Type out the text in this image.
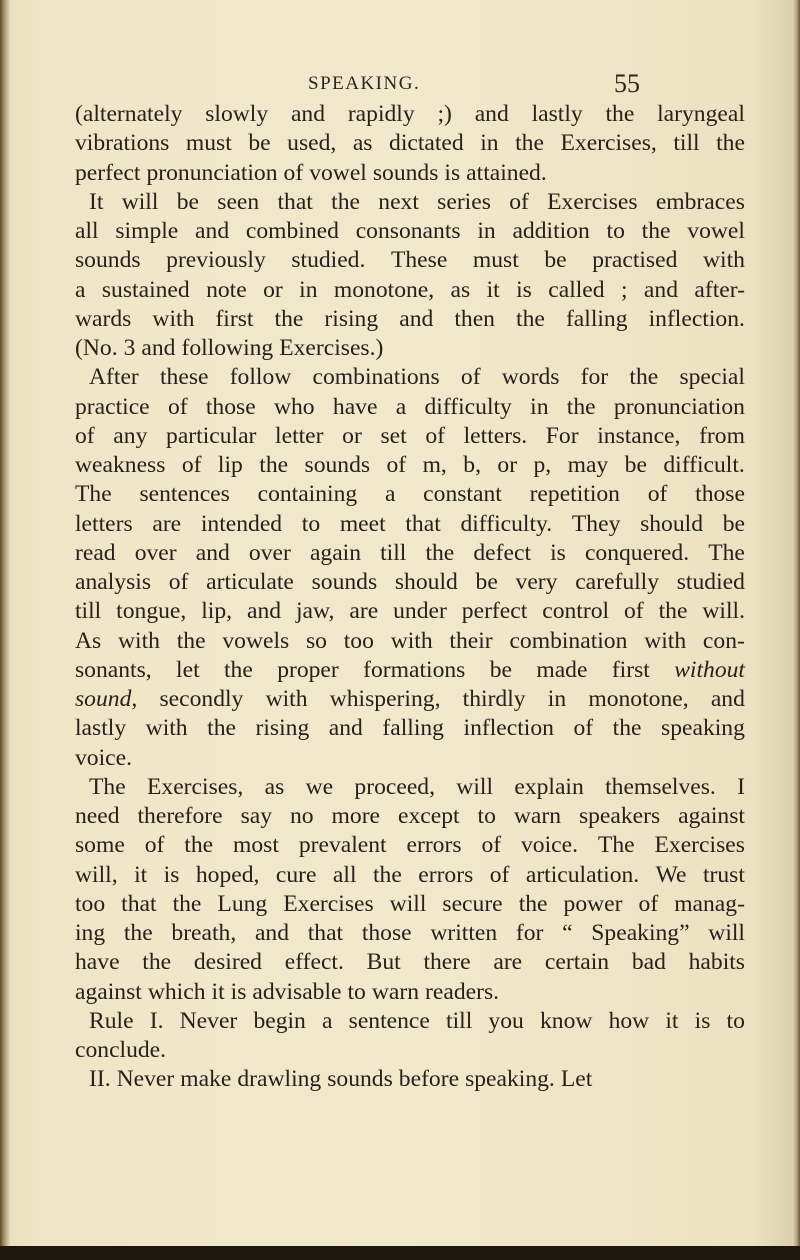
SPEAKING.	55
(alternately slowly and rapidly ;) and lastly the laryngeal
vibrations must be used, as dictated in the Exercises, till the
perfect pronunciation of vowel sounds is attained.
It will be seen that the next series of Exercises embraces
all simple and combined consonants in addition to the vowel
sounds previously studied. These must be practised with
a sustained note or in monotone, as it is called ; and after-
wards with first the rising and then the falling inflection.
(No. 3 and following Exercises.)
After these follow combinations of words for the special
practice of those who have a difficulty in the pronunciation
of any particular letter or set of letters. For instance, from
weakness of lip the sounds of m, b, or p, may be difficult.
The sentences containing a constant repetition of those
letters are intended to meet that difficulty. They should be
read over and over again till the defect is conquered. The
analysis of articulate sounds should be very carefully studied
till tongue, lip, and jaw, are under perfect control of the will.
As with the vowels so too with their combination with con-
sonants, let the proper formations be made first without
sound, secondly with whispering, thirdly in monotone, and
lastly with the rising and falling inflection of the speaking
voice.
The Exercises, as we proceed, will explain themselves. I
need therefore say no more except to warn speakers against
some of the most prevalent errors of voice. The Exercises
will, it is hoped, cure all the errors of articulation. We trust
too that the Lung Exercises will secure the power of manag-
ing the breath, and that those written for “ Speaking” will
have the desired effect. But there are certain bad habits
against which it is advisable to warn readers.
Rule I. Never begin a sentence till you know how it is to
conclude.
II. Never make drawling sounds before speaking. Let
